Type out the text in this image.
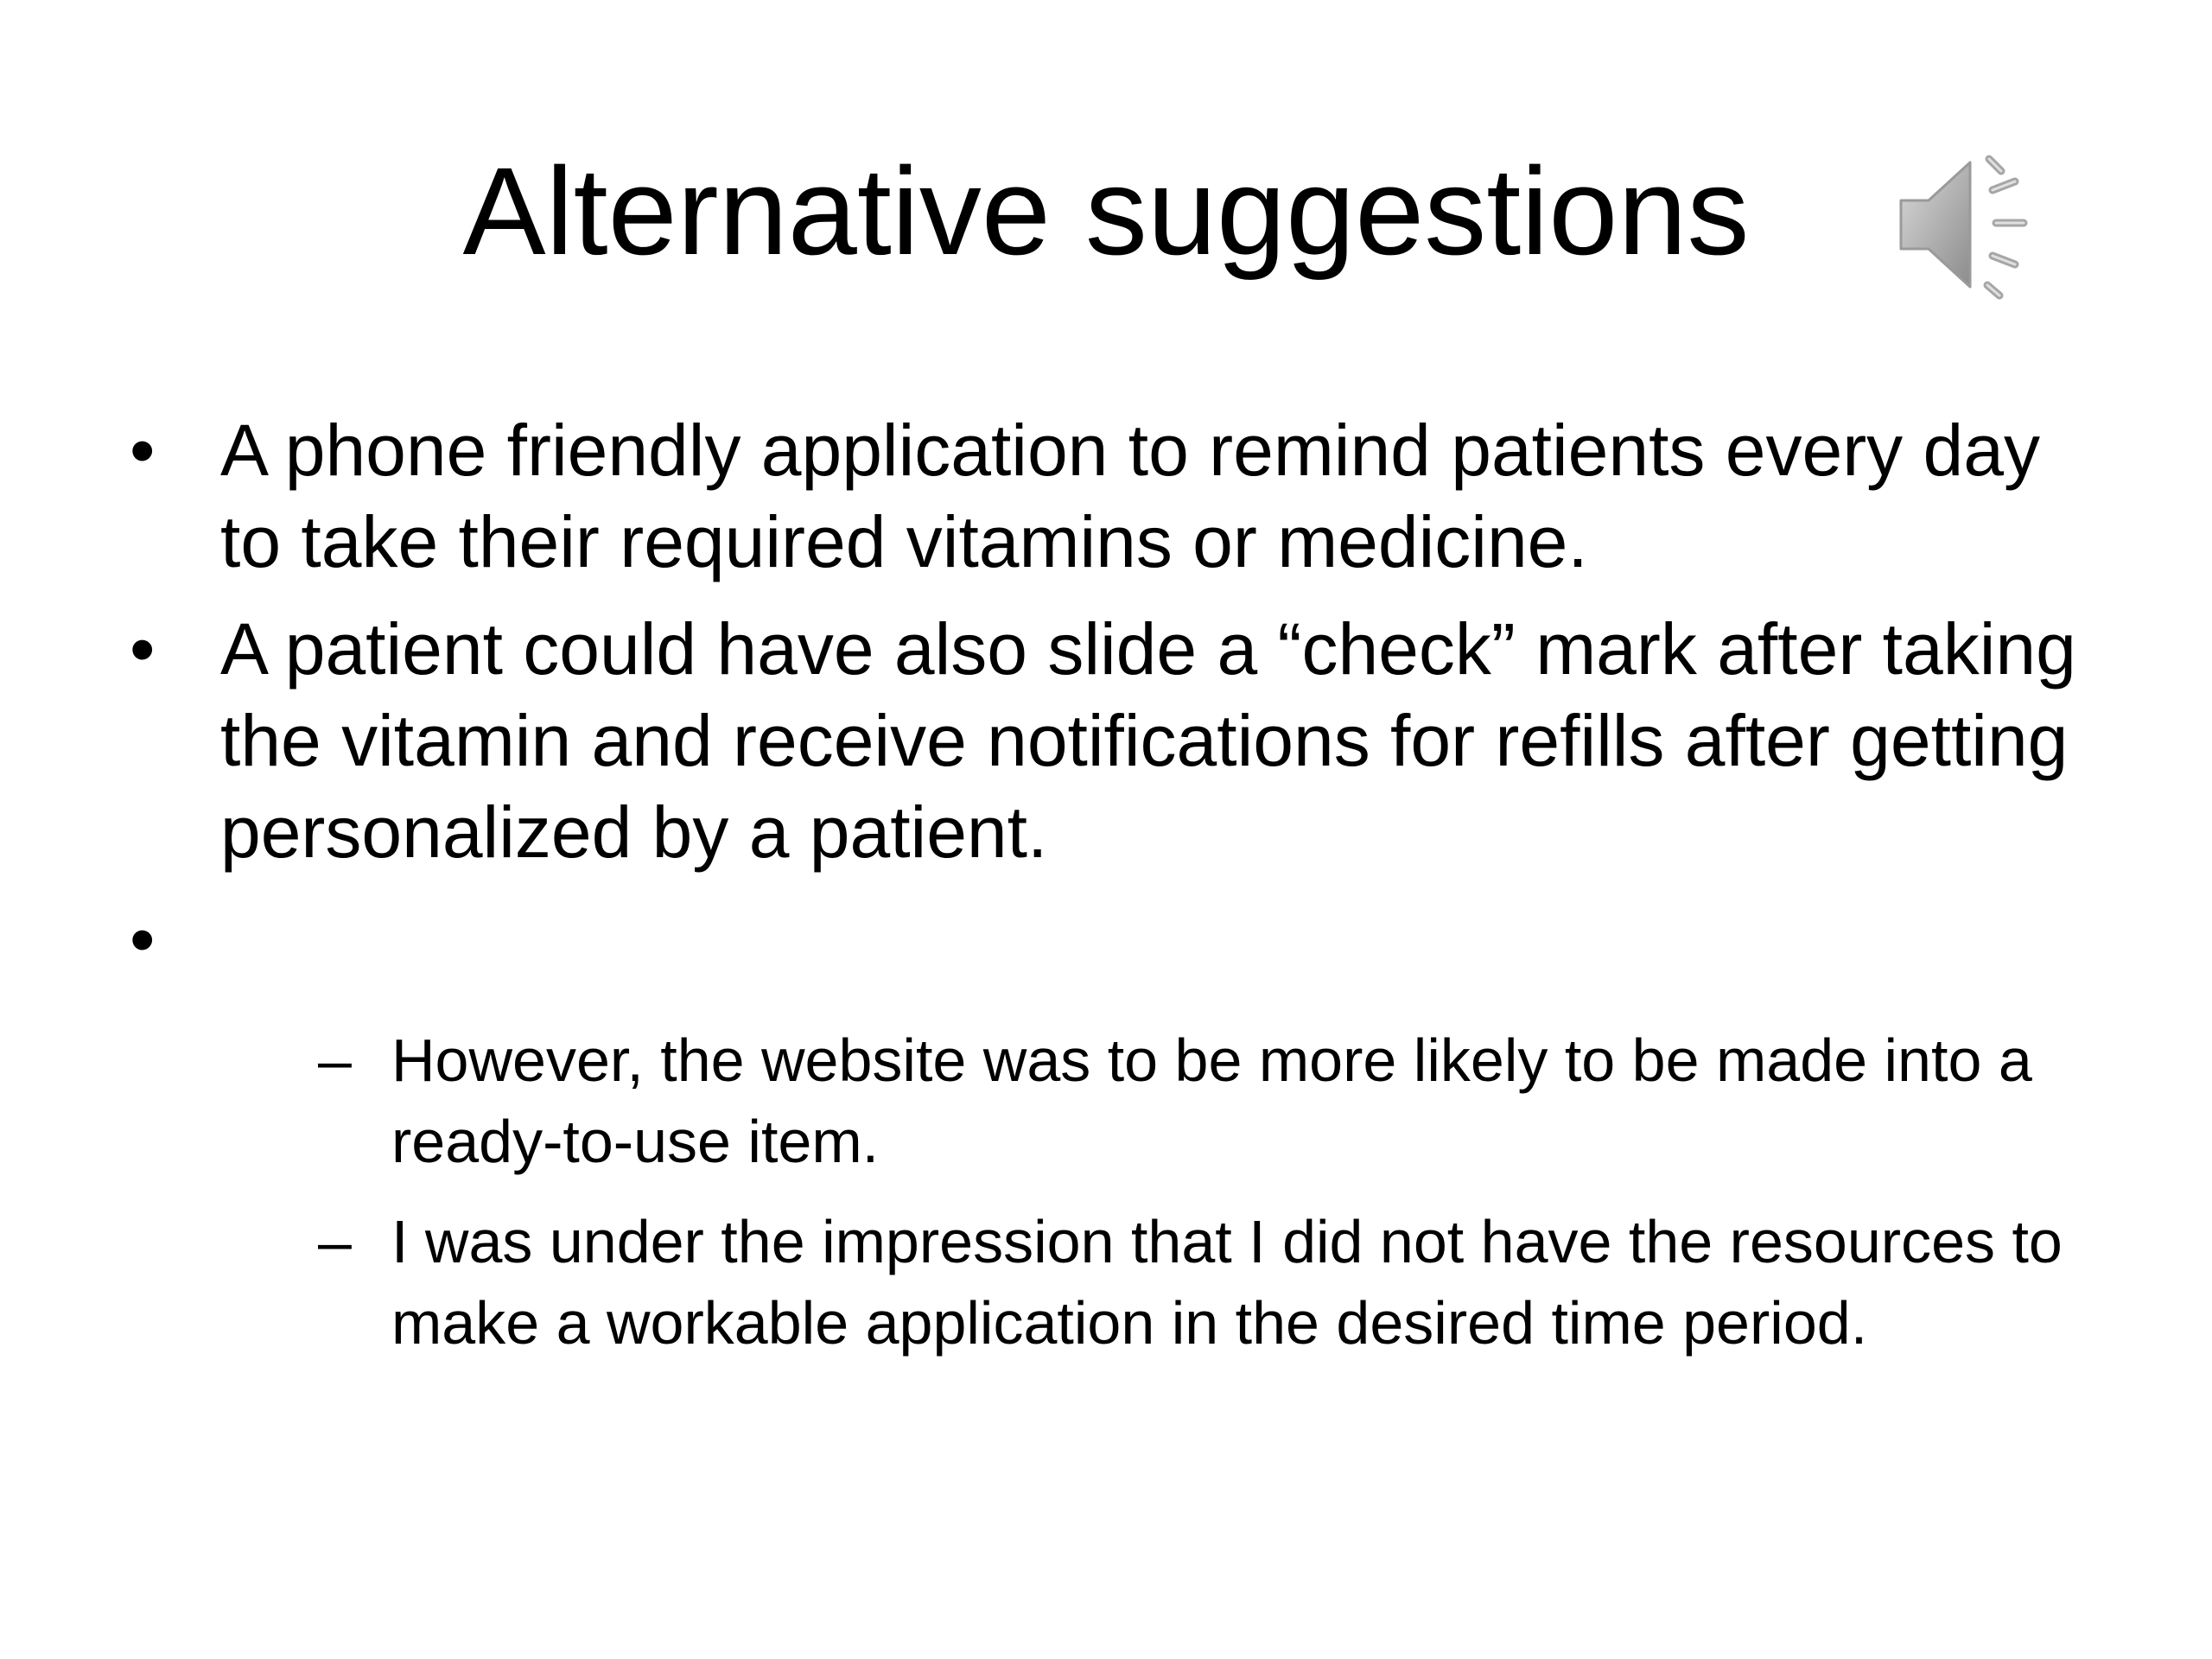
Alternative suggestions
• A phone friendly application to remind patients every day to take their required vitamins or medicine.
• A patient could have also slide a “check” mark after taking the vitamin and receive notifications for refills after getting personalized by a patient.
•
– However, the website was to be more likely to be made into a ready-to-use item.
– I was under the impression that I did not have the resources to make a workable application in the desired time period.
